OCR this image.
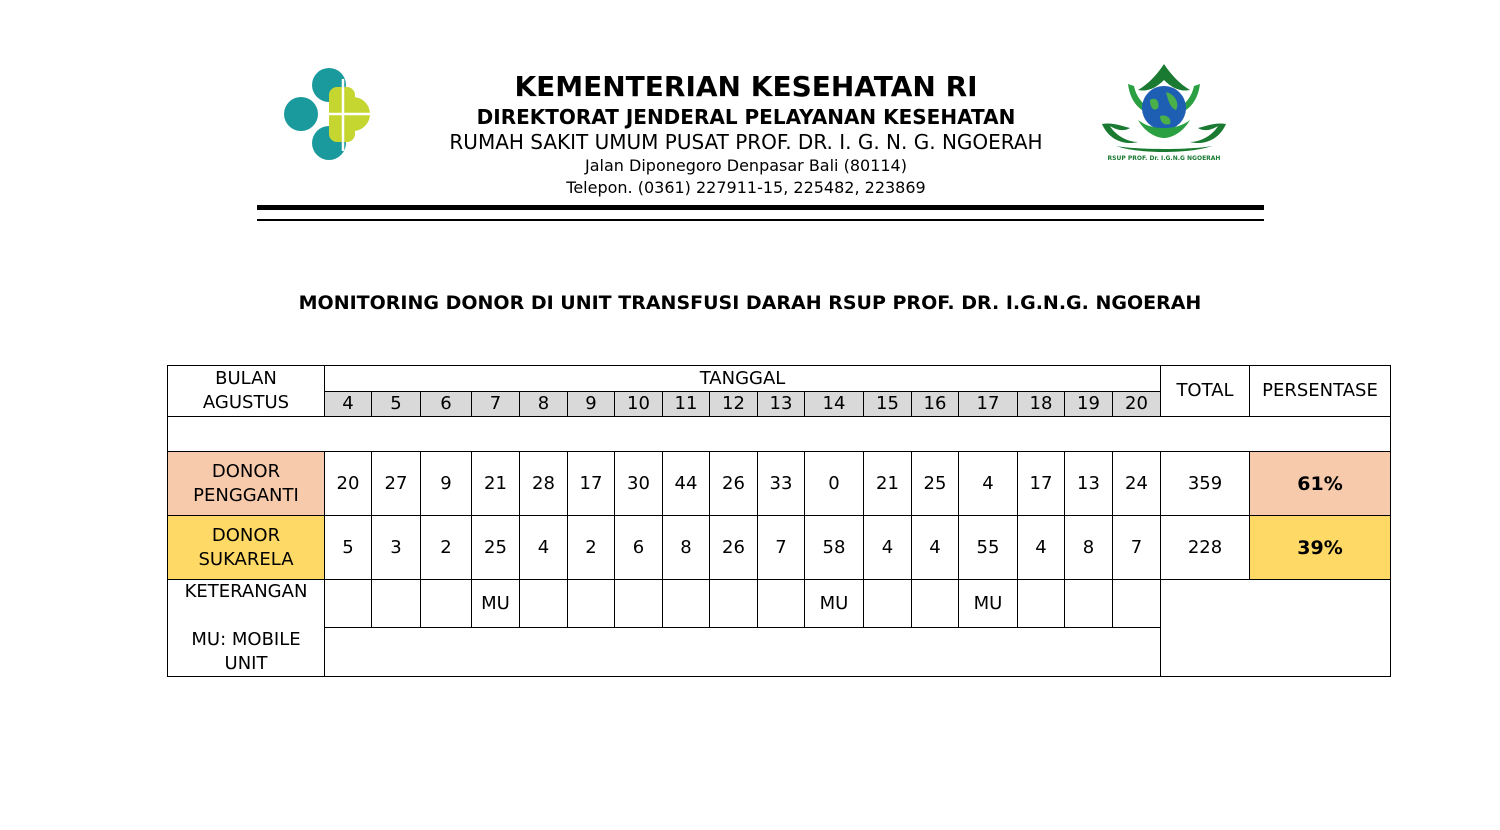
KEMENTERIAN KESEHATAN RI
DIREKTORAT JENDERAL PELAYANAN KESEHATAN
RUMAH SAKIT UMUM PUSAT PROF. DR. I. G. N. G. NGOERAH
Jalan Diponegoro Denpasar Bali (80114)
Telepon. (0361) 227911-15, 225482, 223869
RSUP PROF. Dr. I.G.N.G NGOERAH
MONITORING DONOR DI UNIT TRANSFUSI DARAH RSUP PROF. DR. I.G.N.G. NGOERAH
BULAN
AGUSTUS	TANGGAL																	TOTAL	PERSENTASE
	4	5	6	7	8	9	10	11	12	13	14	15	16	17	18	19	20		

DONOR
PENGGANTI	20	27	9	21	28	17	30	44	26	33	0	21	25	4	17	13	24	359	61%

DONOR
SUKARELA	5	3	2	25	4	2	6	8	26	7	58	4	4	55	4	8	7	228	39%
KETERANGAN				MU							MU			MU					

MU: MOBILE
UNIT																			
